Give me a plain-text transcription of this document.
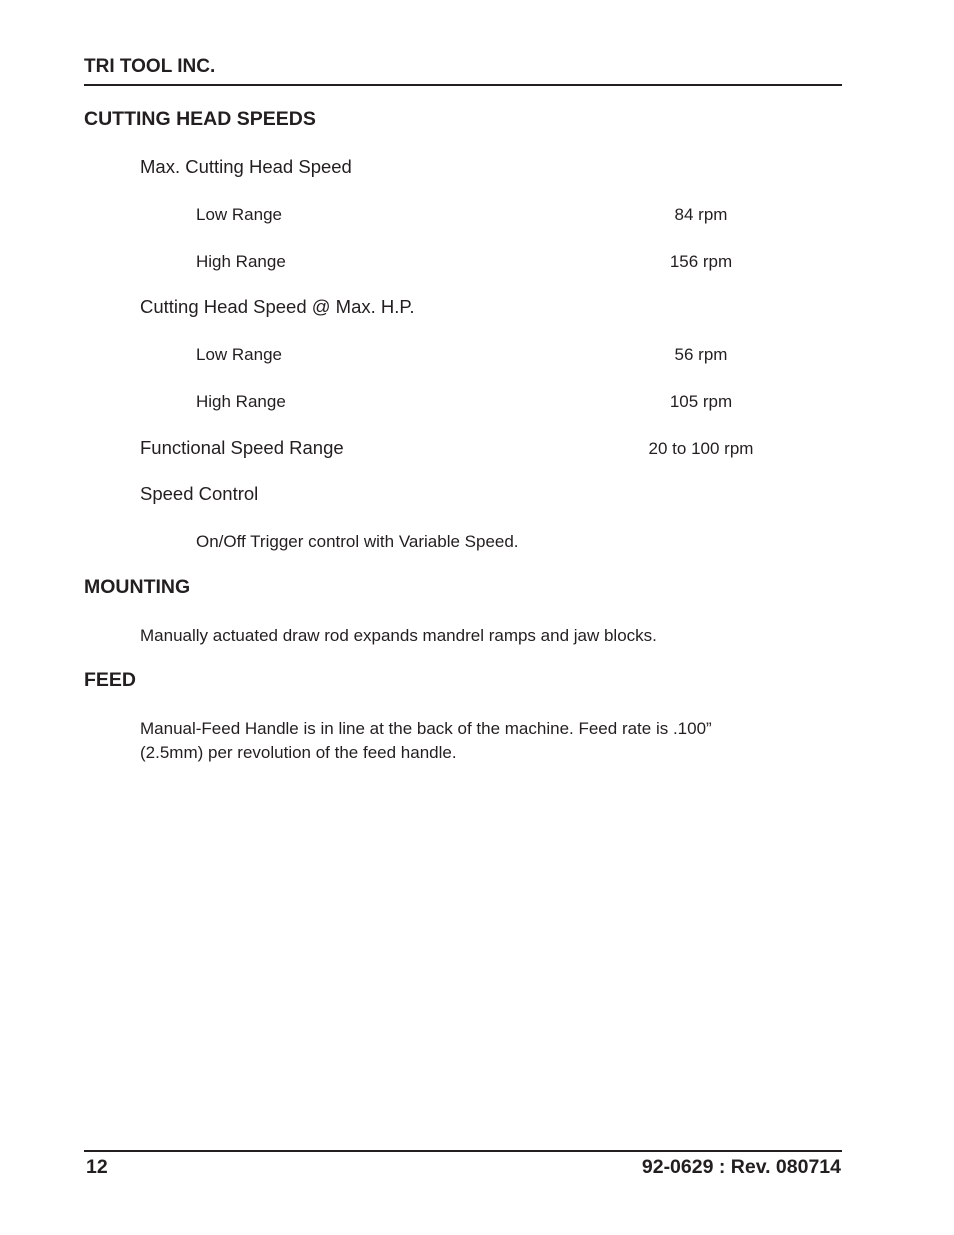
TRI TOOL INC.
CUTTING HEAD SPEEDS
Max. Cutting Head Speed
Low Range	84 rpm
High Range	156 rpm
Cutting Head Speed @ Max. H.P.
Low Range	56 rpm
High Range	105 rpm
Functional Speed Range	20 to 100 rpm
Speed Control
On/Off Trigger control with Variable Speed.
MOUNTING
Manually actuated draw rod expands mandrel ramps and jaw blocks.
FEED
Manual-Feed Handle is in line at the back of the machine. Feed rate is .100”
(2.5mm) per revolution of the feed handle.
12	92-0629 : Rev. 080714
